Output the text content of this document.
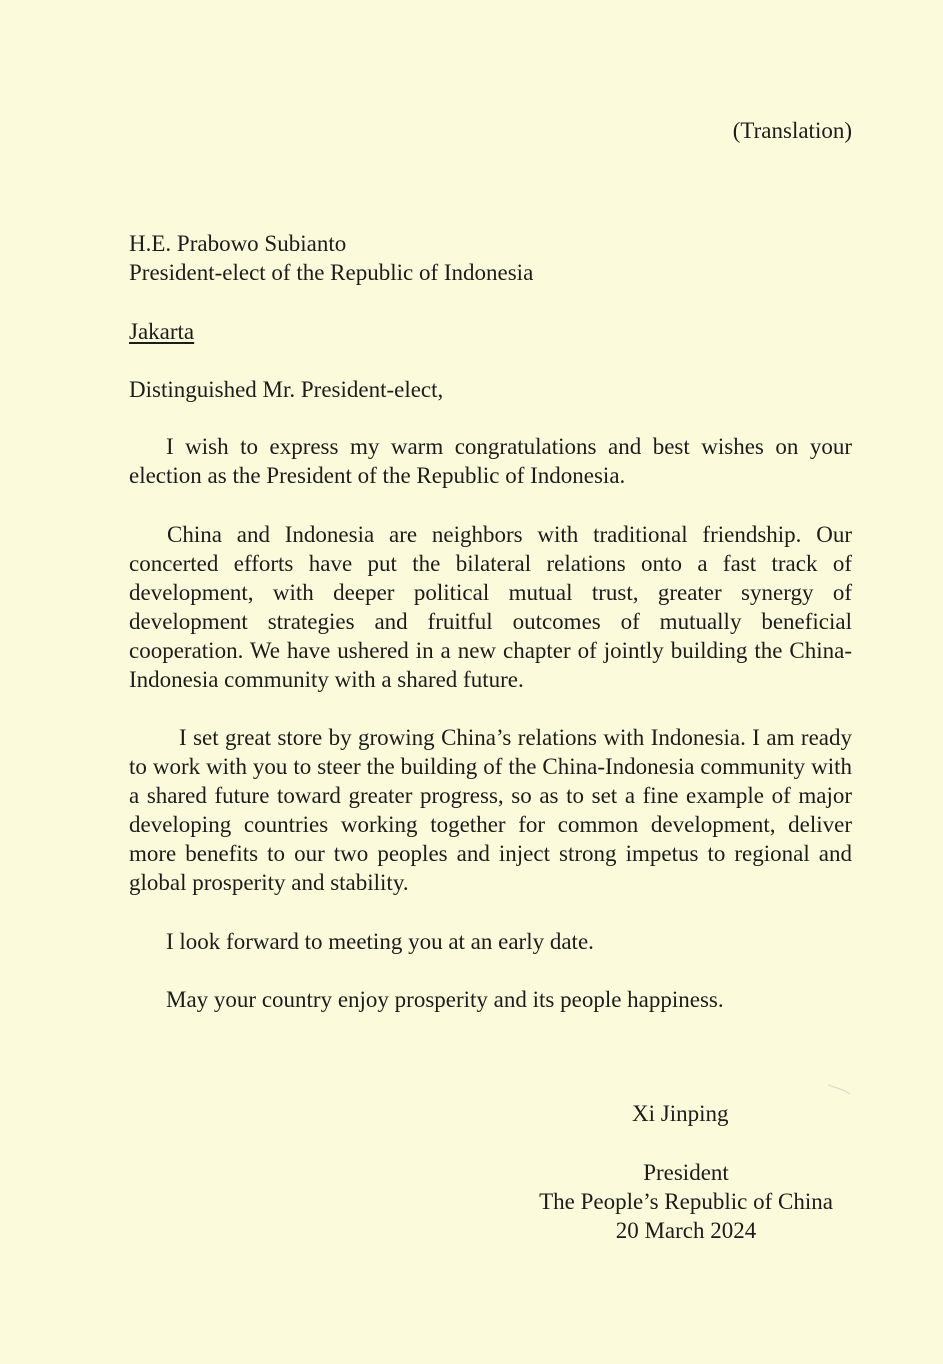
(Translation)
H.E. Prabowo Subianto
President-elect of the Republic of Indonesia
Jakarta
Distinguished Mr. President-elect,
I wish to express my warm congratulations and best wishes on your election as the President of the Republic of Indonesia.
China and Indonesia are neighbors with traditional friendship. Our concerted efforts have put the bilateral relations onto a fast track of development, with deeper political mutual trust, greater synergy of development strategies and fruitful outcomes of mutually beneficial cooperation. We have ushered in a new chapter of jointly building the China-Indonesia community with a shared future.
I set great store by growing China’s relations with Indonesia. I am ready to work with you to steer the building of the China-Indonesia community with a shared future toward greater progress, so as to set a fine example of major developing countries working together for common development, deliver more benefits to our two peoples and inject strong impetus to regional and global prosperity and stability.
I look forward to meeting you at an early date.
May your country enjoy prosperity and its people happiness.
Xi Jinping
President
The People’s Republic of China
20 March 2024
